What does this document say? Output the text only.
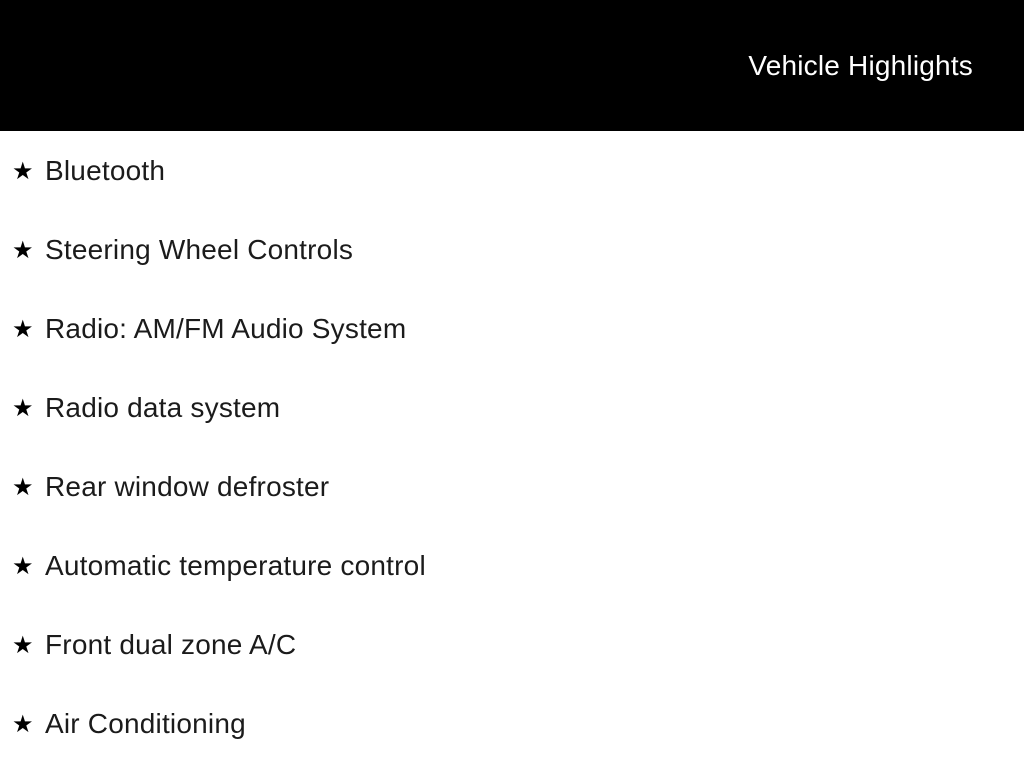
Vehicle Highlights
★ Bluetooth
★ Steering Wheel Controls
★ Radio: AM/FM Audio System
★ Radio data system
★ Rear window defroster
★ Automatic temperature control
★ Front dual zone A/C
★ Air Conditioning
